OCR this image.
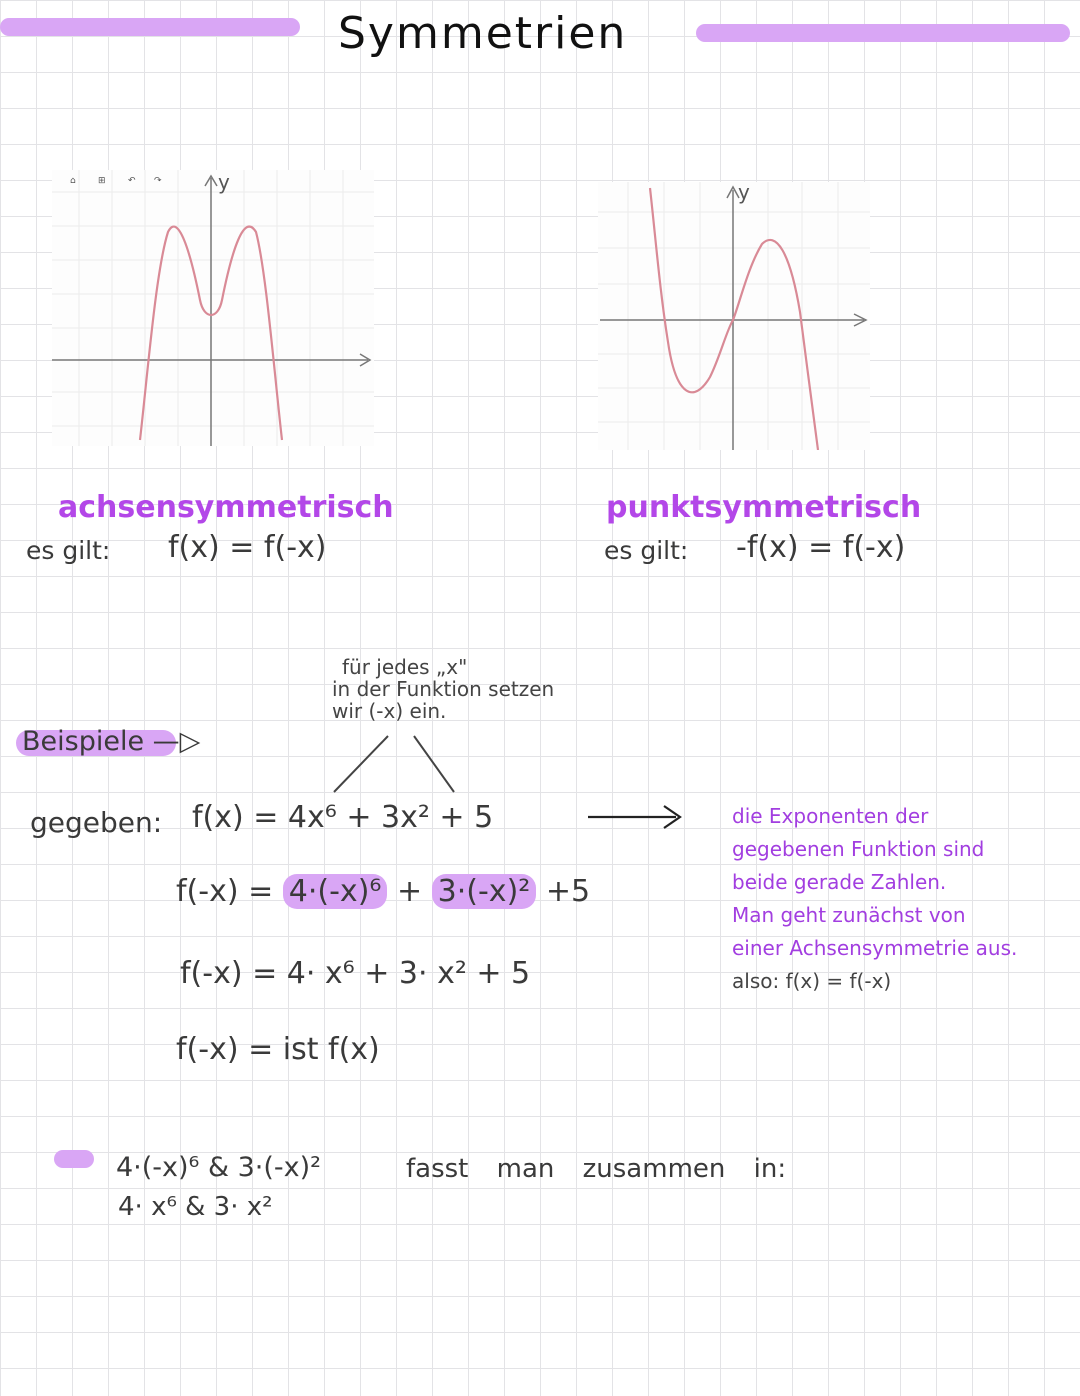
Symmetrien
⌂ ⊞ ↶ ↷	y	y
achsensymmetrisch
es gilt: f(x) = f(-x)
punktsymmetrisch
es gilt: -f(x) = f(-x)
für jedes „x"
in der Funktion setzen
wir (-x) ein.
Beispiele —▷
gegeben: f(x) = 4x⁶ + 3x² + 5
f(-x) = 4·(-x)⁶ + 3·(-x)² +5
f(-x) = 4· x⁶ + 3· x² + 5
f(-x) = ist f(x)
die Exponenten der
gegebenen Funktion sind
beide gerade Zahlen.
Man geht zunächst von
einer Achsensymmetrie aus.
also: f(x) = f(-x)
4·(-x)⁶ & 3·(-x)²	fasst man zusammen in:
4· x⁶ & 3· x²
